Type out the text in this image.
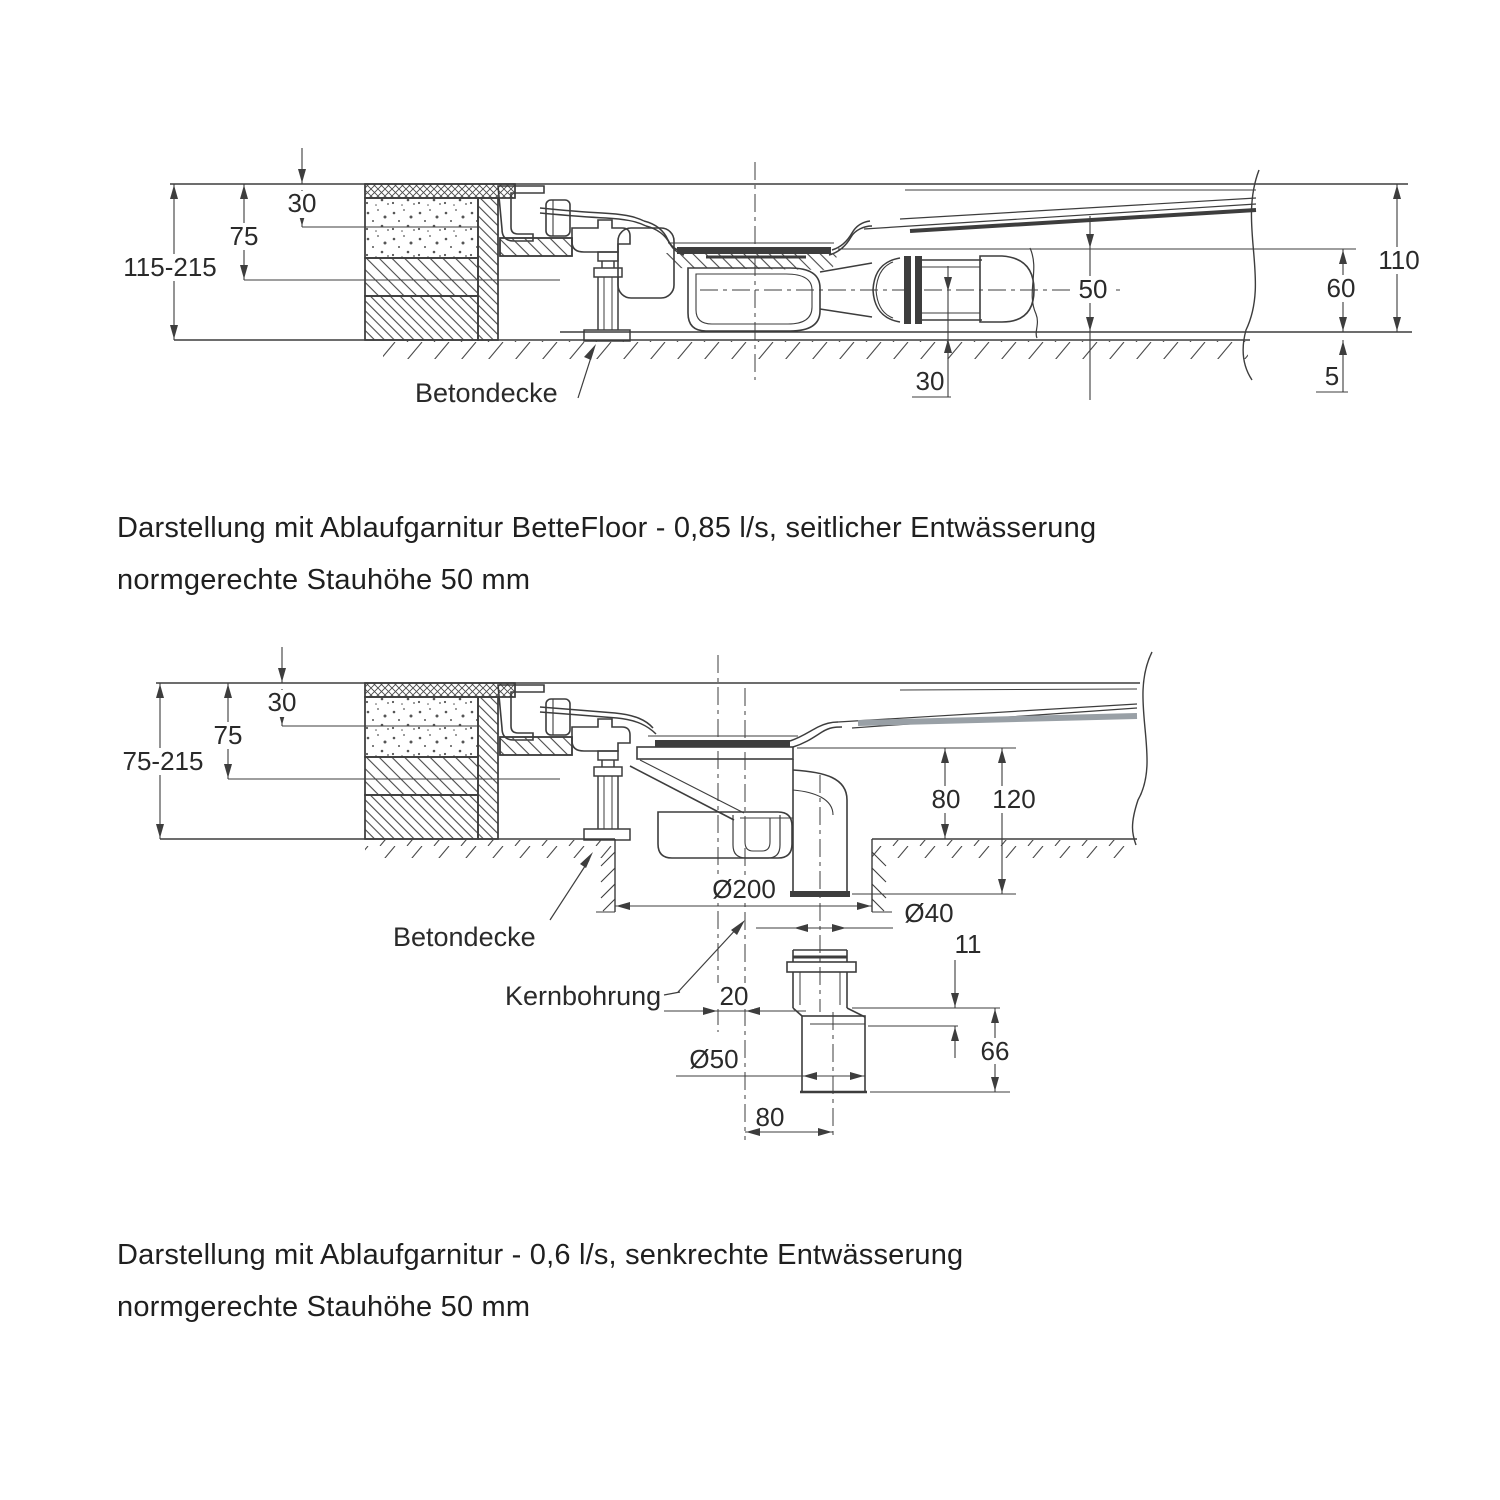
30
75
115-215
50
30
60
110
5
Betondecke
30
75
75-215
80 120
Ø200
Ø40
11
20
66
Ø50
80
Betondecke
Kernbohrung
Darstellung mit Ablaufgarnitur BetteFloor - 0,85 l/s, seitlicher Entwässerung
normgerechte Stauhöhe 50 mm
Darstellung mit Ablaufgarnitur - 0,6 l/s, senkrechte Entwässerung
normgerechte Stauhöhe 50 mm
